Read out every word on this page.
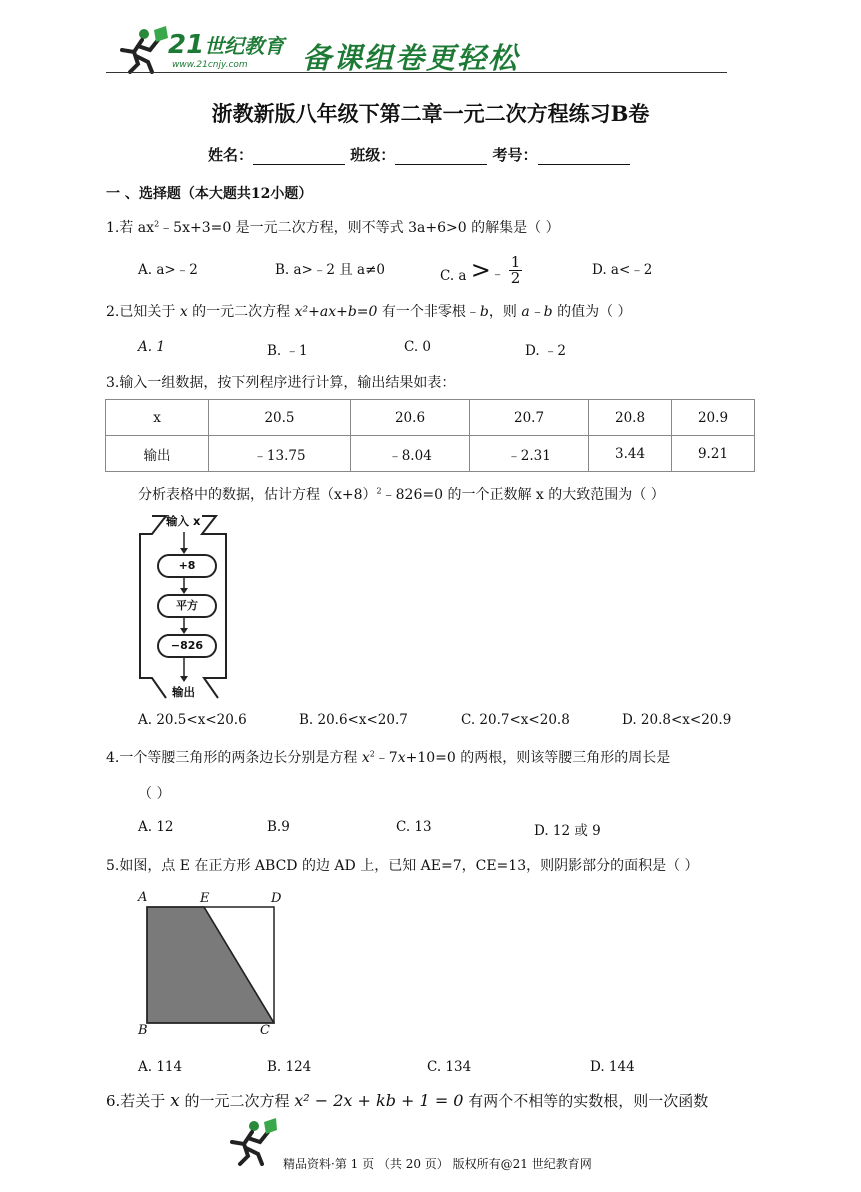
21世纪教育
www.21cnjy.com 备课组卷更轻松
浙教新版八年级下第二章一元二次方程练习B卷
姓名：	班级：	考号：
一 、选择题（本大题共12小题）
1.若 $ax^2﹣5x+3=0$ 是一元二次方程，则不等式 3a+6>0 的解集是（ ）
A. a>﹣2	B. a>﹣2 且 a≠0	C. a >﹣ $\frac{1}{2}$	D. a<﹣2
2.已知关于 x 的一元二次方程 x²+ax+b=0 有一个非零根﹣b，则 a﹣b 的值为（ ）
A. 1	B. ﹣1	C. 0	D. ﹣2
3.输入一组数据，按下列程序进行计算，输出结果如表：
x	20.5	20.6	20.7	20.8	20.9
输出	﹣13.75	﹣8.04	﹣2.31	3.44	9.21
分析表格中的数据，估计方程$(x+8)^2﹣826=0$ 的一个正数解 x 的大致范围为（ ）
输入 x
+8
平方
−826
输出
A. 20.5<x<20.6	B. 20.6<x<20.7	C. 20.7<x<20.8	D. 20.8<x<20.9
4.一个等腰三角形的两条边长分别是方程 $x^2﹣7x+10=0$ 的两根，则该等腰三角形的周长是
（ ）
A. 12	B.9	C. 13	D. 12 或 9
5.如图，点 E 在正方形 ABCD 的边 AD 上，已知 AE=7，CE=13，则阴影部分的面积是（ ）
A	E	D
B	C
A. 114	B. 124	C. 134	D. 144
6.若关于 x 的一元二次方程 x² − 2x + kb + 1 = 0 有两个不相等的实数根，则一次函数
精品资料·第 1 页 （共 20 页） 版权所有@21 世纪教育网
